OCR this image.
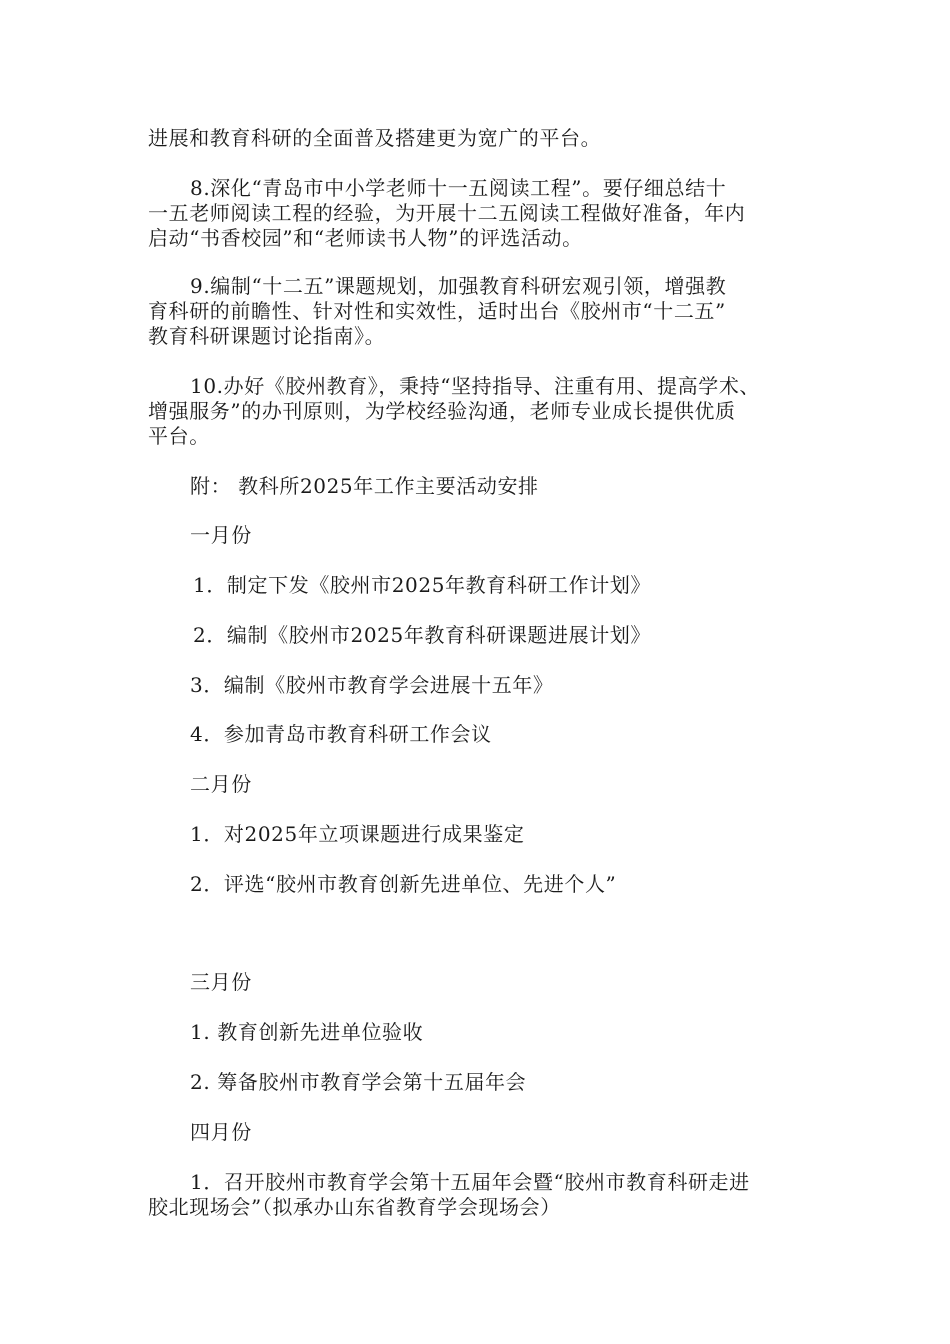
进展和教育科研的全面普及搭建更为宽广的平台。
8.深化“青岛市中小学老师十一五阅读工程”。要仔细总结十
一五老师阅读工程的经验，为开展十二五阅读工程做好准备，年内
启动“书香校园”和“老师读书人物”的评选活动。
9.编制“十二五”课题规划，加强教育科研宏观引领，增强教
育科研的前瞻性、针对性和实效性，适时出台《胶州市“十二五”
教育科研课题讨论指南》。
10.办好《胶州教育》，秉持“坚持指导、注重有用、提高学术、
增强服务”的办刊原则，为学校经验沟通，老师专业成长提供优质
平台。
附： 教科所2025年工作主要活动安排
一月份
1．制定下发《胶州市2025年教育科研工作计划》
2．编制《胶州市2025年教育科研课题进展计划》
3．编制《胶州市教育学会进展十五年》
4．参加青岛市教育科研工作会议
二月份
1．对2025年立项课题进行成果鉴定
2．评选“胶州市教育创新先进单位、先进个人”
三月份
1. 教育创新先进单位验收
2. 筹备胶州市教育学会第十五届年会
四月份
1．召开胶州市教育学会第十五届年会暨“胶州市教育科研走进
胶北现场会”（拟承办山东省教育学会现场会）
